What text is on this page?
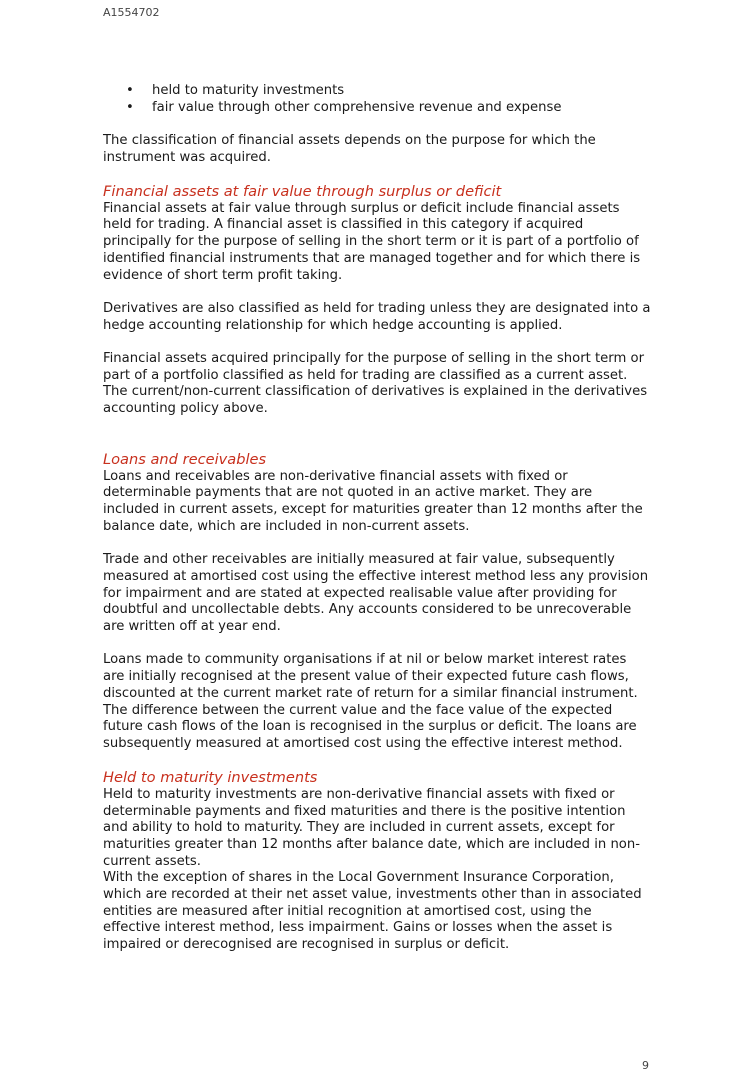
A1554702
• held to maturity investments
• fair value through other comprehensive revenue and expense

The classification of financial assets depends on the purpose for which the instrument was acquired.

Financial assets at fair value through surplus or deficit

Financial assets at fair value through surplus or deficit include financial assets held for trading. A financial asset is classified in this category if acquired principally for the purpose of selling in the short term or it is part of a portfolio of identified financial instruments that are managed together and for which there is evidence of short term profit taking.

Derivatives are also classified as held for trading unless they are designated into a hedge accounting relationship for which hedge accounting is applied.

Financial assets acquired principally for the purpose of selling in the short term or part of a portfolio classified as held for trading are classified as a current asset. The current/non-current classification of derivatives is explained in the derivatives accounting policy above.

Loans and receivables

Loans and receivables are non-derivative financial assets with fixed or determinable payments that are not quoted in an active market. They are included in current assets, except for maturities greater than 12 months after the balance date, which are included in non-current assets.

Trade and other receivables are initially measured at fair value, subsequently measured at amortised cost using the effective interest method less any provision for impairment and are stated at expected realisable value after providing for doubtful and uncollectable debts. Any accounts considered to be unrecoverable are written off at year end.

Loans made to community organisations if at nil or below market interest rates are initially recognised at the present value of their expected future cash flows, discounted at the current market rate of return for a similar financial instrument. The difference between the current value and the face value of the expected future cash flows of the loan is recognised in the surplus or deficit. The loans are subsequently measured at amortised cost using the effective interest method.

Held to maturity investments

Held to maturity investments are non-derivative financial assets with fixed or determinable payments and fixed maturities and there is the positive intention and ability to hold to maturity. They are included in current assets, except for maturities greater than 12 months after balance date, which are included in non-current assets.

With the exception of shares in the Local Government Insurance Corporation, which are recorded at their net asset value, investments other than in associated entities are measured after initial recognition at amortised cost, using the effective interest method, less impairment. Gains or losses when the asset is impaired or derecognised are recognised in surplus or deficit.

9
